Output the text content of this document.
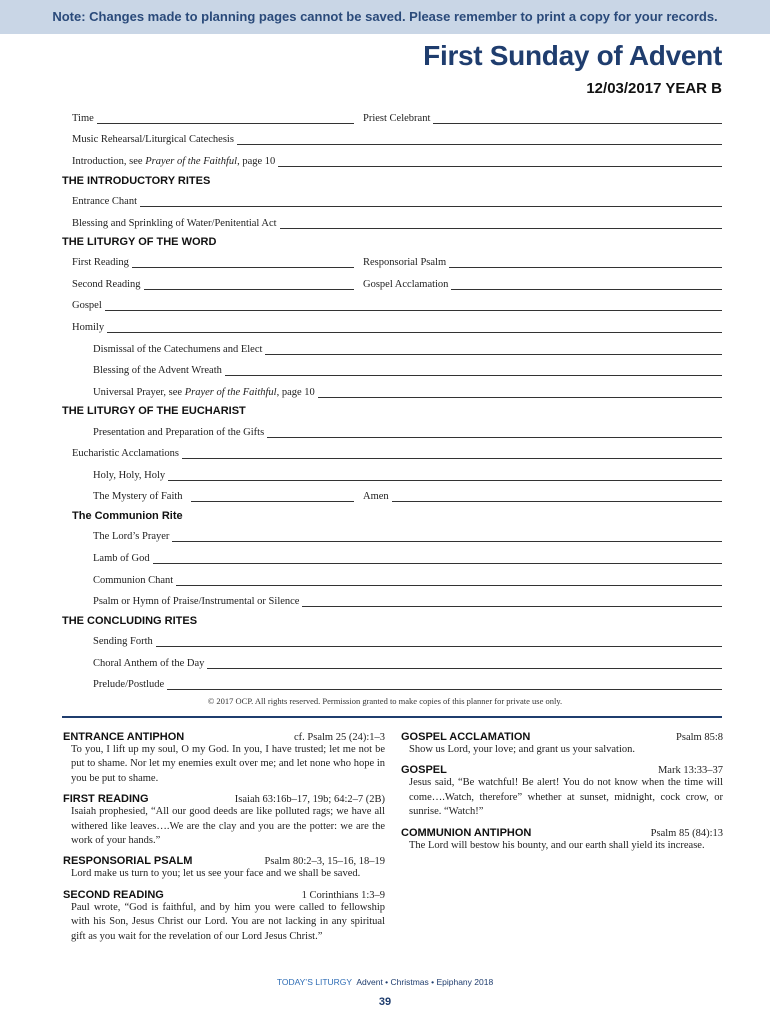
Note: Changes made to planning pages cannot be saved. Please remember to print a copy for your records.
First Sunday of Advent
12/03/2017 YEAR B
Time	Priest Celebrant
Music Rehearsal/Liturgical Catechesis
Introduction, see Prayer of the Faithful, page 10
THE INTRODUCTORY RITES
Entrance Chant
Blessing and Sprinkling of Water/Penitential Act
THE LITURGY OF THE WORD
First Reading	Responsorial Psalm
Second Reading	Gospel Acclamation
Gospel
Homily
Dismissal of the Catechumens and Elect
Blessing of the Advent Wreath
Universal Prayer, see Prayer of the Faithful, page 10
THE LITURGY OF THE EUCHARIST
Presentation and Preparation of the Gifts
Eucharistic Acclamations
Holy, Holy, Holy
The Mystery of Faith	Amen
The Communion Rite
The Lord’s Prayer
Lamb of God
Communion Chant
Psalm or Hymn of Praise/Instrumental or Silence
THE CONCLUDING RITES
Sending Forth
Choral Anthem of the Day
Prelude/Postlude
© 2017 OCP. All rights reserved. Permission granted to make copies of this planner for private use only.
ENTRANCE ANTIPHON	cf. Psalm 25 (24):1–3
To you, I lift up my soul, O my God. In you, I have trusted; let me not be put to shame. Nor let my enemies exult over me; and let none who hope in you be put to shame.
FIRST READING	Isaiah 63:16b–17, 19b; 64:2–7 (2B)
Isaiah prophesied, “All our good deeds are like polluted rags; we have all withered like leaves….We are the clay and you are the potter: we are the work of your hands.”
RESPONSORIAL PSALM	Psalm 80:2–3, 15–16, 18–19
Lord make us turn to you; let us see your face and we shall be saved.
SECOND READING	1 Corinthians 1:3–9
Paul wrote, “God is faithful, and by him you were called to fellowship with his Son, Jesus Christ our Lord. You are not lacking in any spiritual gift as you wait for the revelation of our Lord Jesus Christ.”
GOSPEL ACCLAMATION	Psalm 85:8
Show us Lord, your love; and grant us your salvation.
GOSPEL	Mark 13:33–37
Jesus said, “Be watchful! Be alert! You do not know when the time will come….Watch, therefore” whether at sunset, midnight, cock crow, or sunrise. “Watch!”
COMMUNION ANTIPHON	Psalm 85 (84):13
The Lord will bestow his bounty, and our earth shall yield its increase.
TODAY’S LITURGY Advent • Christmas • Epiphany 2018
39
